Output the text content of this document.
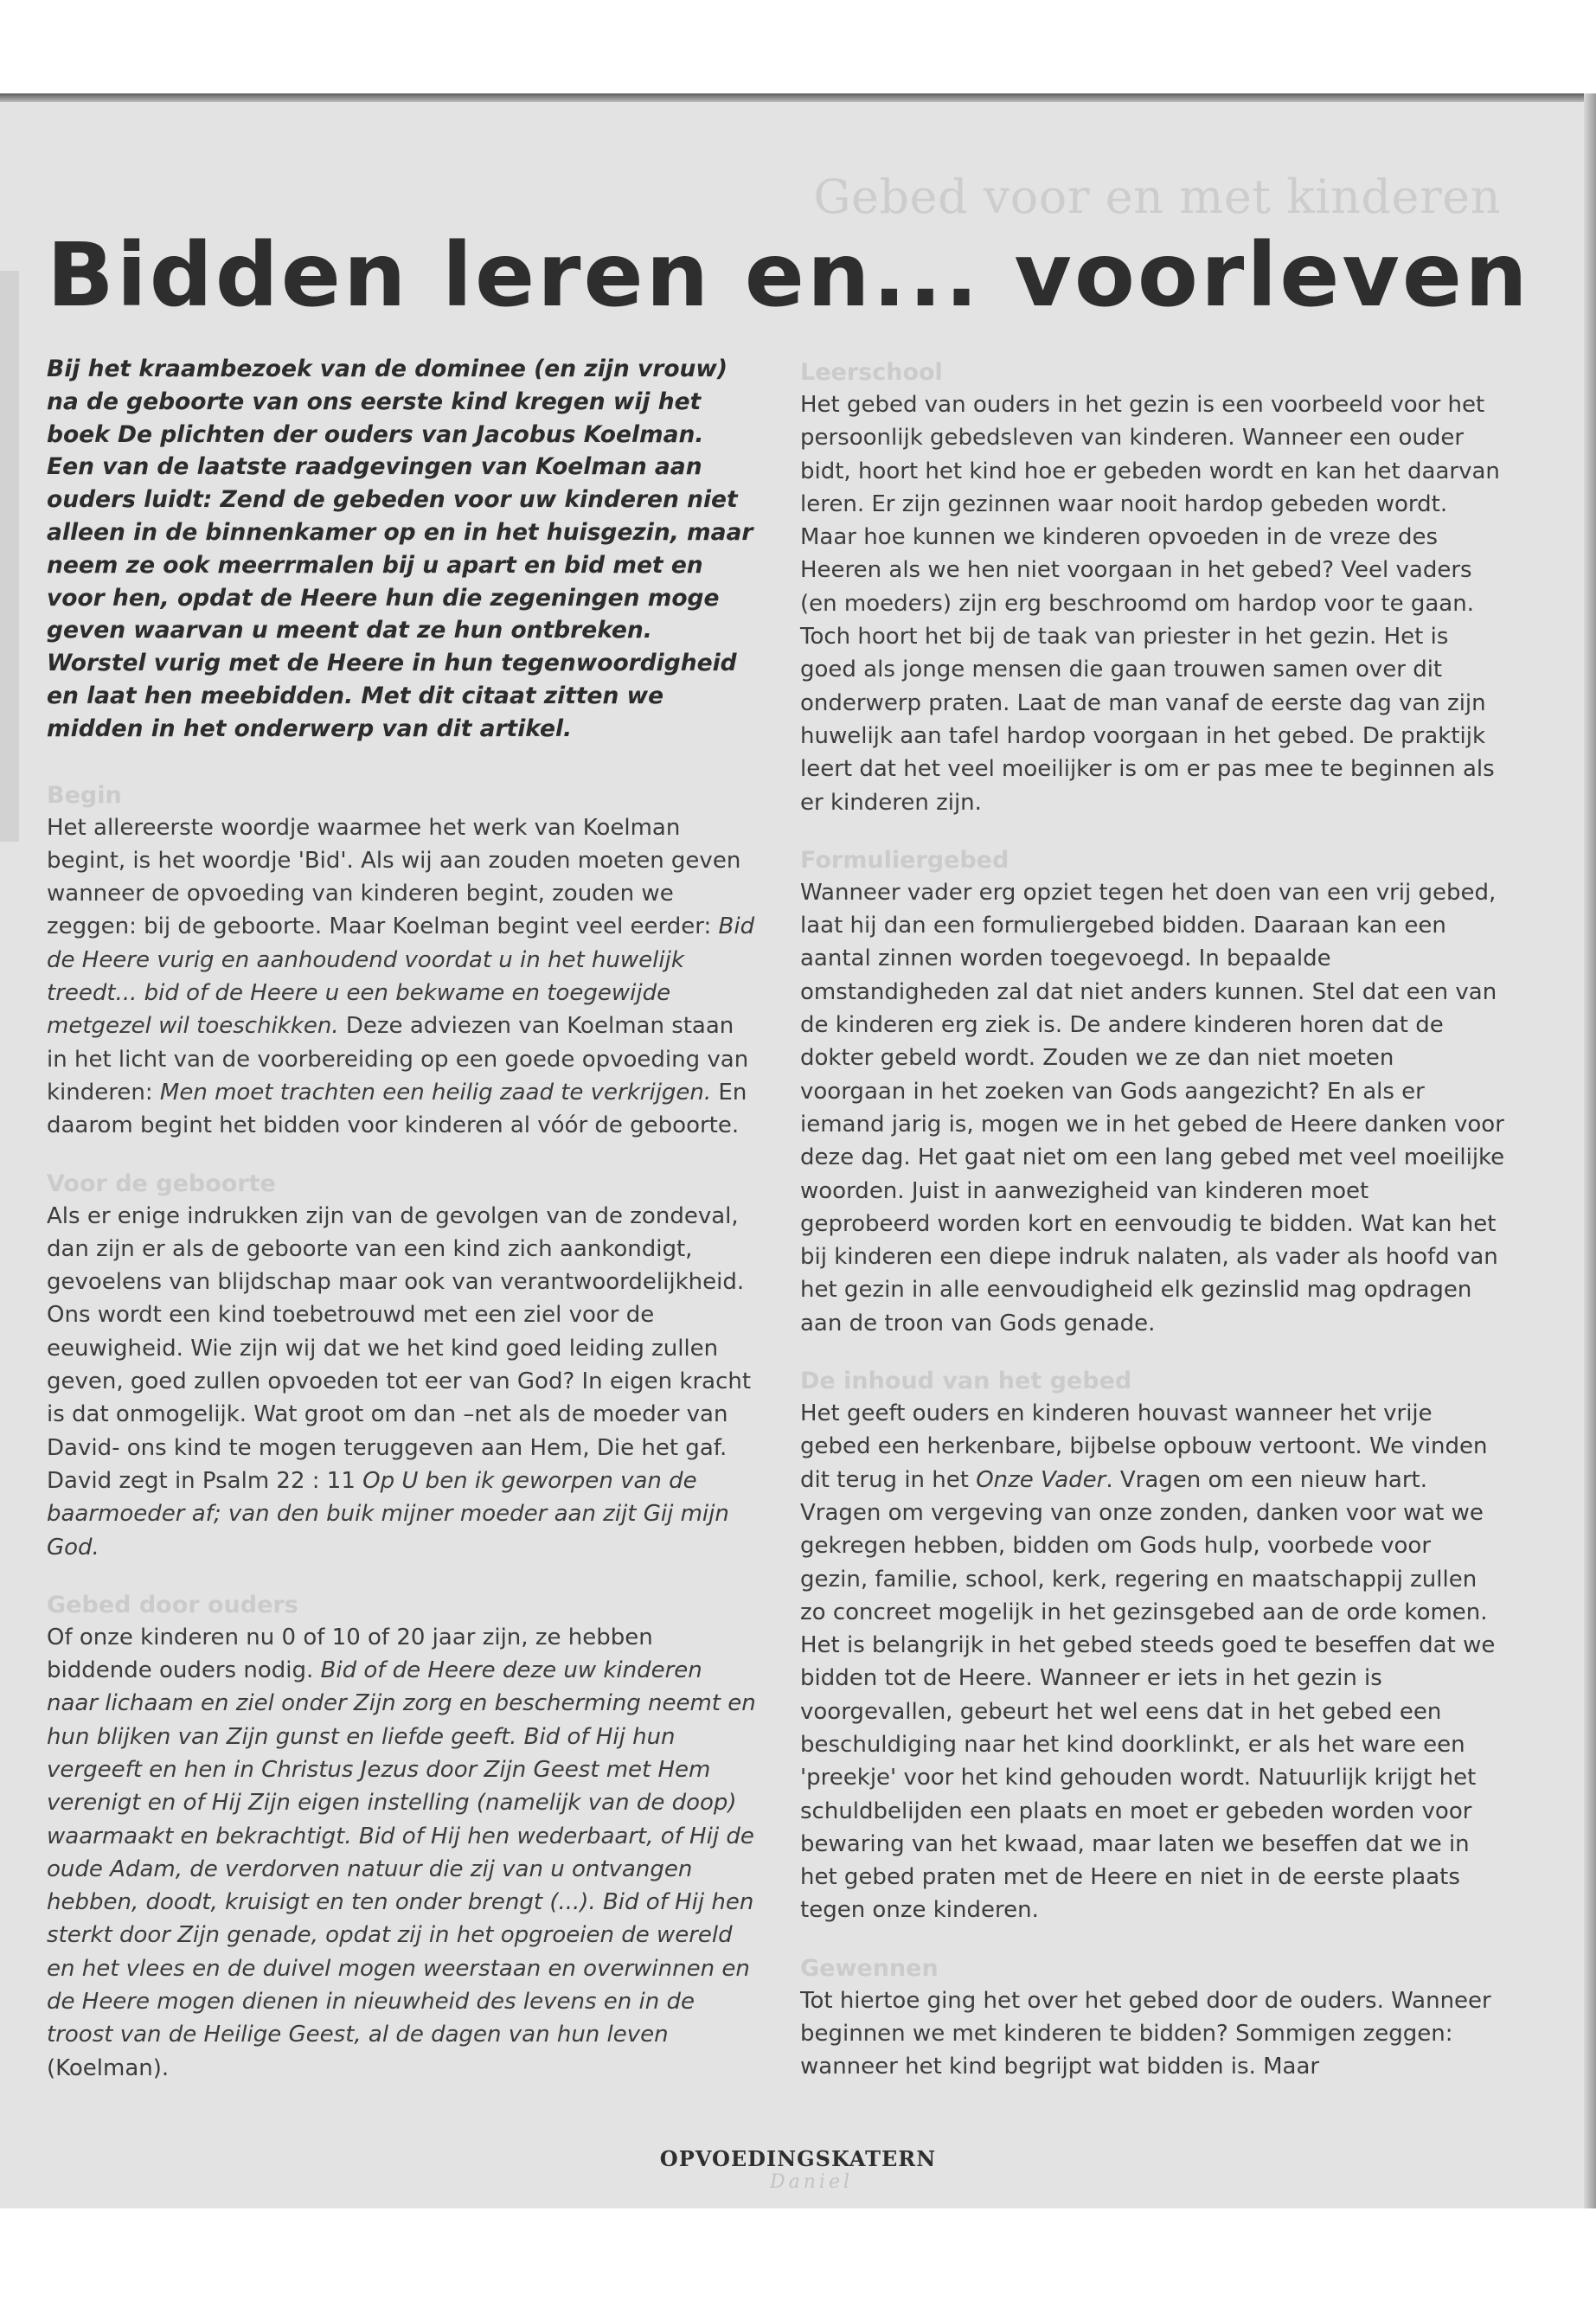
Gebed voor en met kinderen

Bidden leren en... voorleven

Bij het kraambezoek van de dominee (en zijn vrouw) na de geboorte van ons eerste kind kregen wij het boek De plichten der ouders van Jacobus Koelman. Een van de laatste raadgevingen van Koelman aan ouders luidt: Zend de gebeden voor uw kinderen niet alleen in de binnenkamer op en in het huisgezin, maar neem ze ook meerrmalen bij u apart en bid met en voor hen, opdat de Heere hun die zegeningen moge geven waarvan u meent dat ze hun ontbreken. Worstel vurig met de Heere in hun tegenwoordigheid en laat hen meebidden. Met dit citaat zitten we midden in het onderwerp van dit artikel.

Begin

Het allereerste woordje waarmee het werk van Koelman begint, is het woordje 'Bid'. Als wij aan zouden moeten geven wanneer de opvoeding van kinderen begint, zouden we zeggen: bij de geboorte. Maar Koelman begint veel eerder: Bid de Heere vurig en aanhoudend voordat u in het huwelijk treedt... bid of de Heere u een bekwame en toegewijde metgezel wil toeschikken. Deze adviezen van Koelman staan in het licht van de voorbereiding op een goede opvoeding van kinderen: Men moet trachten een heilig zaad te verkrijgen. En daarom begint het bidden voor kinderen al vóór de geboorte.

Voor de geboorte

Als er enige indrukken zijn van de gevolgen van de zondeval, dan zijn er als de geboorte van een kind zich aankondigt, gevoelens van blijdschap maar ook van verantwoordelijkheid. Ons wordt een kind toebetrouwd met een ziel voor de eeuwigheid. Wie zijn wij dat we het kind goed leiding zullen geven, goed zullen opvoeden tot eer van God? In eigen kracht is dat onmogelijk. Wat groot om dan –net als de moeder van David- ons kind te mogen teruggeven aan Hem, Die het gaf. David zegt in Psalm 22 : 11 Op U ben ik geworpen van de baarmoeder af; van den buik mijner moeder aan zijt Gij mijn God.

Gebed door ouders

Of onze kinderen nu 0 of 10 of 20 jaar zijn, ze hebben biddende ouders nodig. Bid of de Heere deze uw kinderen naar lichaam en ziel onder Zijn zorg en bescherming neemt en hun blijken van Zijn gunst en liefde geeft. Bid of Hij hun vergeeft en hen in Christus Jezus door Zijn Geest met Hem verenigt en of Hij Zijn eigen instelling (namelijk van de doop) waarmaakt en bekrachtigt. Bid of Hij hen wederbaart, of Hij de oude Adam, de verdorven natuur die zij van u ontvangen hebben, doodt, kruisigt en ten onder brengt (...). Bid of Hij hen sterkt door Zijn genade, opdat zij in het opgroeien de wereld en het vlees en de duivel mogen weerstaan en overwinnen en de Heere mogen dienen in nieuwheid des levens en in de troost van de Heilige Geest, al de dagen van hun leven (Koelman).

Leerschool

Het gebed van ouders in het gezin is een voorbeeld voor het persoonlijk gebedsleven van kinderen. Wanneer een ouder bidt, hoort het kind hoe er gebeden wordt en kan het daarvan leren. Er zijn gezinnen waar nooit hardop gebeden wordt. Maar hoe kunnen we kinderen opvoeden in de vreze des Heeren als we hen niet voorgaan in het gebed? Veel vaders (en moeders) zijn erg beschroomd om hardop voor te gaan. Toch hoort het bij de taak van priester in het gezin. Het is goed als jonge mensen die gaan trouwen samen over dit onderwerp praten. Laat de man vanaf de eerste dag van zijn huwelijk aan tafel hardop voorgaan in het gebed. De praktijk leert dat het veel moeilijker is om er pas mee te beginnen als er kinderen zijn.

Formuliergebed

Wanneer vader erg opziet tegen het doen van een vrij gebed, laat hij dan een formuliergebed bidden. Daaraan kan een aantal zinnen worden toegevoegd. In bepaalde omstandigheden zal dat niet anders kunnen. Stel dat een van de kinderen erg ziek is. De andere kinderen horen dat de dokter gebeld wordt. Zouden we ze dan niet moeten voorgaan in het zoeken van Gods aangezicht? En als er iemand jarig is, mogen we in het gebed de Heere danken voor deze dag. Het gaat niet om een lang gebed met veel moeilijke woorden. Juist in aanwezigheid van kinderen moet geprobeerd worden kort en eenvoudig te bidden. Wat kan het bij kinderen een diepe indruk nalaten, als vader als hoofd van het gezin in alle eenvoudigheid elk gezinslid mag opdragen aan de troon van Gods genade.

De inhoud van het gebed

Het geeft ouders en kinderen houvast wanneer het vrije gebed een herkenbare, bijbelse opbouw vertoont. We vinden dit terug in het Onze Vader. Vragen om een nieuw hart. Vragen om vergeving van onze zonden, danken voor wat we gekregen hebben, bidden om Gods hulp, voorbede voor gezin, familie, school, kerk, regering en maatschappij zullen zo concreet mogelijk in het gezinsgebed aan de orde komen. Het is belangrijk in het gebed steeds goed te beseffen dat we bidden tot de Heere. Wanneer er iets in het gezin is voorgevallen, gebeurt het wel eens dat in het gebed een beschuldiging naar het kind doorklinkt, er als het ware een 'preekje' voor het kind gehouden wordt. Natuurlijk krijgt het schuldbelijden een plaats en moet er gebeden worden voor bewaring van het kwaad, maar laten we beseffen dat we in het gebed praten met de Heere en niet in de eerste plaats tegen onze kinderen.

Gewennen

Tot hiertoe ging het over het gebed door de ouders. Wanneer beginnen we met kinderen te bidden? Sommigen zeggen: wanneer het kind begrijpt wat bidden is. Maar

OPVOEDINGSKATERN

Daniel
